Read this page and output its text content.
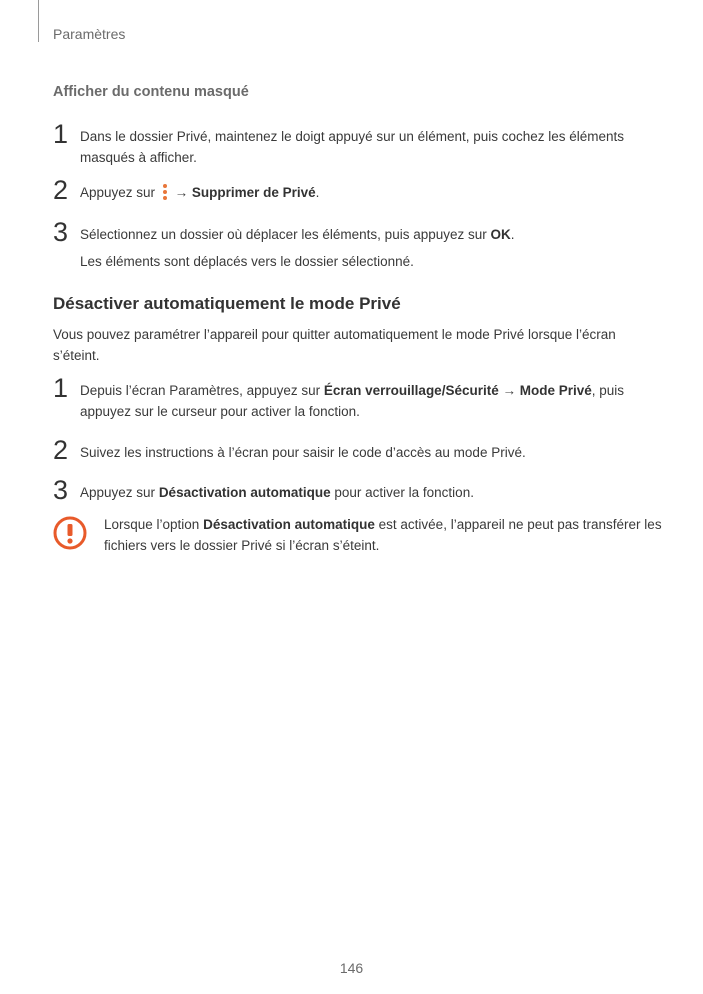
Paramètres
Afficher du contenu masqué
1 Dans le dossier Privé, maintenez le doigt appuyé sur un élément, puis cochez les éléments masqués à afficher.
2 Appuyez sur → Supprimer de Privé.
3 Sélectionnez un dossier où déplacer les éléments, puis appuyez sur OK.
Les éléments sont déplacés vers le dossier sélectionné.
Désactiver automatiquement le mode Privé
Vous pouvez paramétrer l’appareil pour quitter automatiquement le mode Privé lorsque l’écran s’éteint.
1 Depuis l’écran Paramètres, appuyez sur Écran verrouillage/Sécurité → Mode Privé, puis appuyez sur le curseur pour activer la fonction.
2 Suivez les instructions à l’écran pour saisir le code d’accès au mode Privé.
3 Appuyez sur Désactivation automatique pour activer la fonction.
Lorsque l’option Désactivation automatique est activée, l’appareil ne peut pas transférer les fichiers vers le dossier Privé si l’écran s’éteint.
146
